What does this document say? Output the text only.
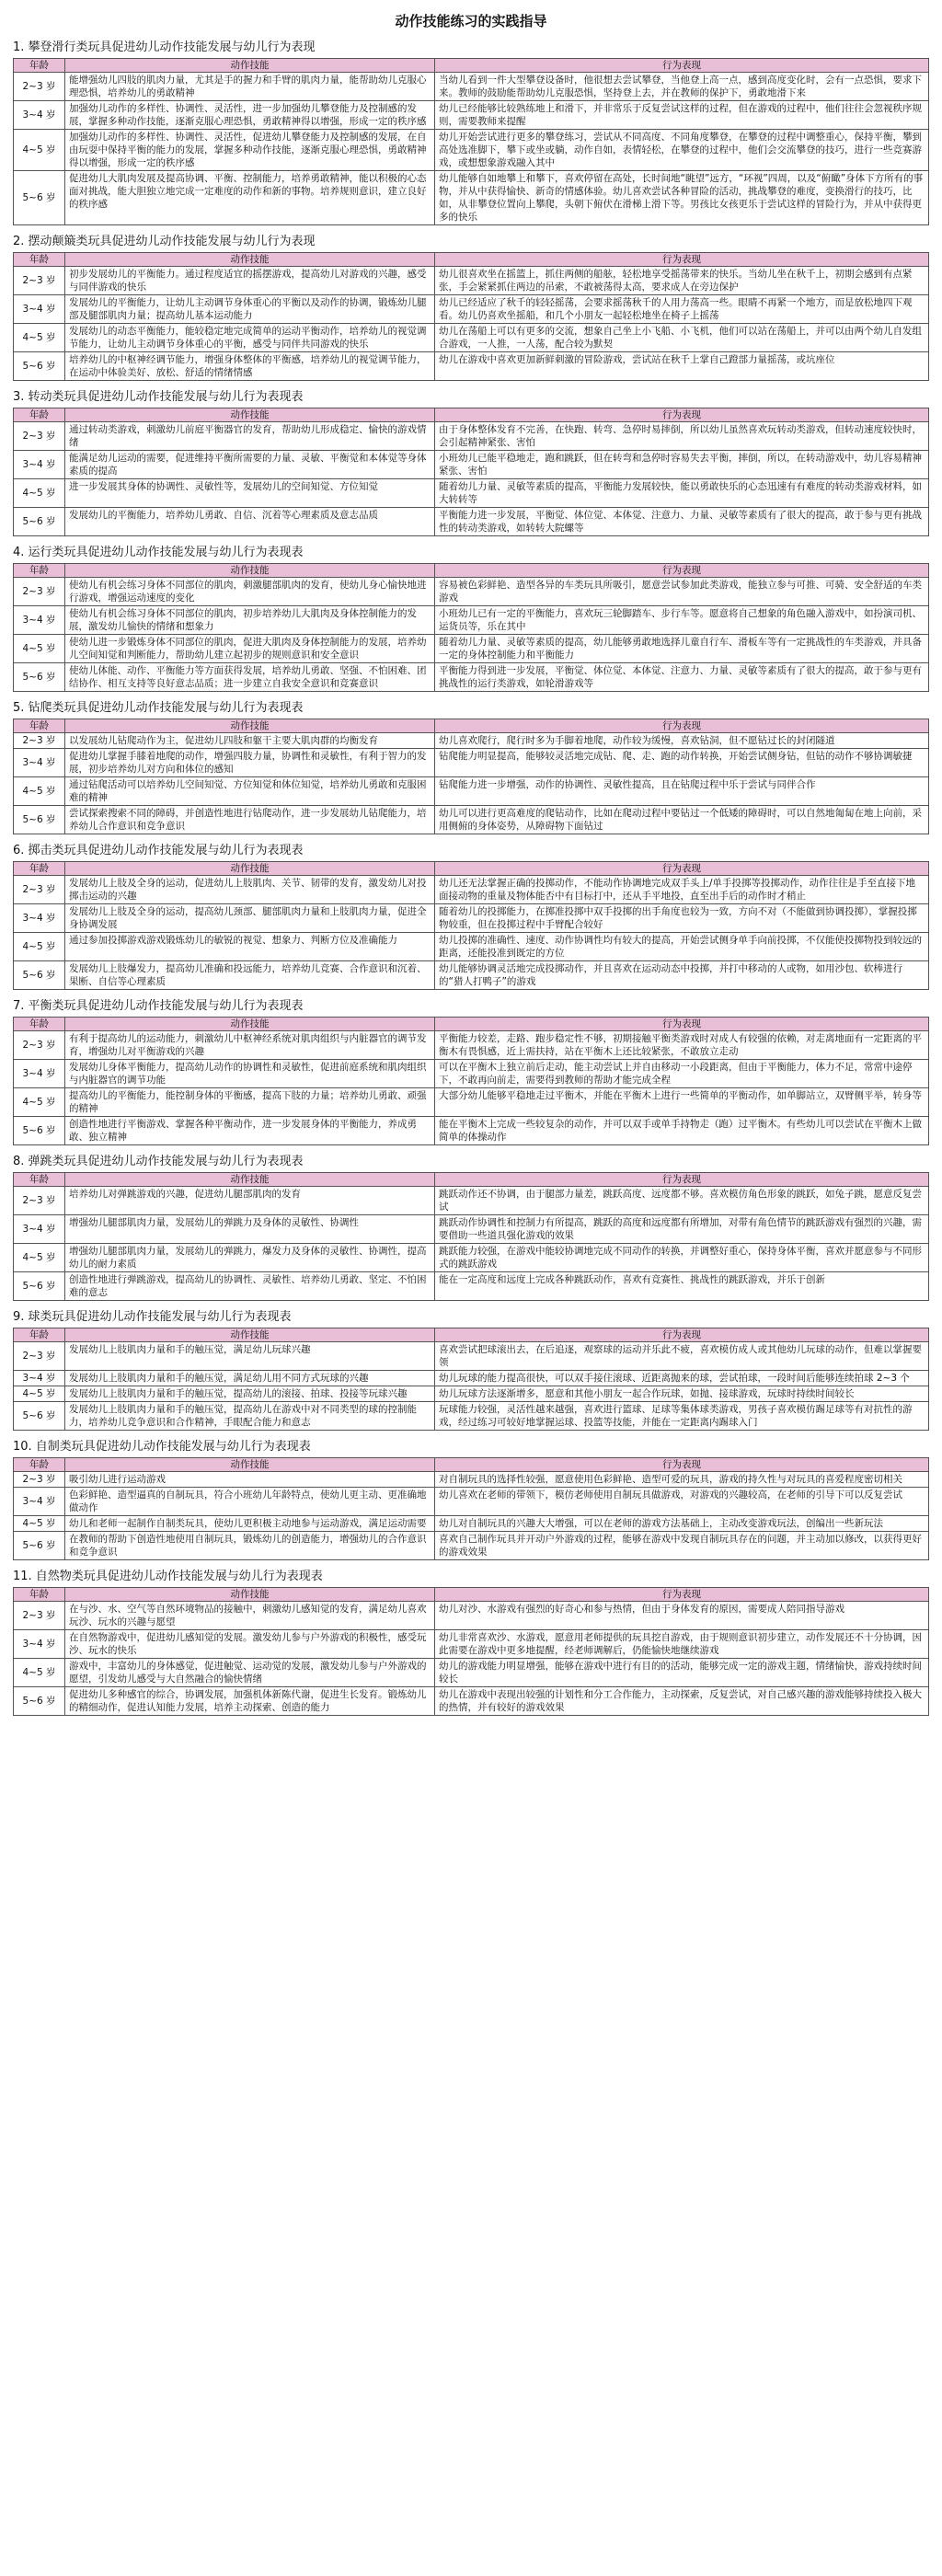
动作技能练习的实践指导
1. 攀登滑行类玩具促进幼儿动作技能发展与幼儿行为表现
年龄	动作技能	行为表现
2~3 岁	能增强幼儿四肢的肌肉力量，尤其是手的握力和手臂的肌肉力量，能帮助幼儿克服心理恐惧，培养幼儿的勇敢精神	当幼儿看到一件大型攀登设备时，他很想去尝试攀登，当他登上高一点，感到高度变化时，会有一点恐惧，要求下来。教师的鼓励能帮助幼儿克服恐惧，坚持登上去，并在教师的保护下，勇敢地滑下来
3~4 岁	加强幼儿动作的多样性、协调性、灵活性，进一步加强幼儿攀登能力及控制感的发展，掌握多种动作技能，逐渐克服心理恐惧，勇敢精神得以增强，形成一定的秩序感	幼儿已经能够比较熟练地上和滑下，并非常乐于反复尝试这样的过程，但在游戏的过程中，他们往往会忽视秩序规则，需要教师来提醒
4~5 岁	加强幼儿动作的多样性、协调性、灵活性，促进幼儿攀登能力及控制感的发展，在自由玩耍中保持平衡的能力的发展，掌握多种动作技能，逐渐克服心理恐惧，勇敢精神得以增强，形成一定的秩序感	幼儿开始尝试进行更多的攀登练习，尝试从不同高度、不同角度攀登，在攀登的过程中调整重心，保持平衡，攀到高处选准脚下，攀下或坐或躺，动作自如，表情轻松，在攀登的过程中，他们会交流攀登的技巧，进行一些竞赛游戏，或想想象游戏融入其中
5~6 岁	促进幼儿大肌肉发展及提高协调、平衡、控制能力，培养勇敢精神，能以积极的心态面对挑战，能大胆独立地完成一定难度的动作和新的事物。培养规则意识，建立良好的秩序感	幼儿能够自如地攀上和攀下，喜欢停留在高处，长时间地“眺望”远方，“环视”四周，以及“俯瞰”身体下方所有的事物，并从中获得愉快、新奇的情感体验。幼儿喜欢尝试各种冒险的活动，挑战攀登的难度，变换滑行的技巧，比如，从非攀登位置向上攀爬，头朝下俯伏在滑梯上滑下等。男孩比女孩更乐于尝试这样的冒险行为，并从中获得更多的快乐
2. 摆动颠簸类玩具促进幼儿动作技能发展与幼儿行为表现
年龄	动作技能	行为表现
2~3 岁	初步发展幼儿的平衡能力。通过程度适宜的摇摆游戏，提高幼儿对游戏的兴趣，感受与同伴游戏的快乐	幼儿很喜欢坐在摇篮上，抓住两侧的船舷，轻松地享受摇荡带来的快乐。当幼儿坐在秋千上，初期会感到有点紧张，手会紧紧抓住两边的吊索，不敢被荡得太高，要求成人在旁边保护
3~4 岁	发展幼儿的平衡能力，让幼儿主动调节身体重心的平衡以及动作的协调，锻炼幼儿腿部及腿部肌肉力量；提高幼儿基本运动能力	幼儿已经适应了秋千的轻轻摇荡，会要求摇荡秋千的人用力荡高一些。眼睛不再紧一个地方，而是放松地四下观看。幼儿仍喜欢坐摇船，和几个小朋友一起轻松地坐在椅子上摇荡
4~5 岁	发展幼儿的动态平衡能力，能较稳定地完成简单的运动平衡动作，培养幼儿的视觉调节能力，让幼儿主动调节身体重心的平衡，感受与同伴共同游戏的快乐	幼儿在荡船上可以有更多的交流，想象自己坐上小飞船、小飞机，他们可以站在荡船上，并可以由两个幼儿自发组合游戏，一人推，一人荡，配合较为默契
5~6 岁	培养幼儿的中枢神经调节能力，增强身体整体的平衡感，培养幼儿的视觉调节能力，在运动中体验美好、放松、舒适的情绪情感	幼儿在游戏中喜欢更加新鲜刺激的冒险游戏，尝试站在秋千上掌自己蹬部力量摇荡，或坑座位
3. 转动类玩具促进幼儿动作技能发展与幼儿行为表现表
年龄	动作技能	行为表现
2~3 岁	通过转动类游戏，刺激幼儿前庭平衡器官的发育，帮助幼儿形成稳定、愉快的游戏情绪	由于身体整体发育不完善，在快跑、转弯、急停时易摔倒，所以幼儿虽然喜欢玩转动类游戏，但转动速度较快时，会引起精神紧张、害怕
3~4 岁	能满足幼儿运动的需要，促进维持平衡所需要的力量、灵敏、平衡觉和本体觉等身体素质的提高	小班幼儿已能平稳地走，跑和跳跃，但在转弯和急停时容易失去平衡，摔倒，所以，在转动游戏中，幼儿容易精神紧张、害怕
4~5 岁	进一步发展其身体的协调性、灵敏性等，发展幼儿的空间知觉、方位知觉	随着幼儿力量、灵敏等素质的提高，平衡能力发展较快，能以勇敢快乐的心态迅速有有难度的转动类游戏材料，如大转转等
5~6 岁	发展幼儿的平衡能力，培养幼儿勇敢、自信、沉着等心理素质及意志品质	平衡能力进一步发展，平衡觉、体位觉、本体觉、注意力、力量、灵敏等素质有了很大的提高，敢于参与更有挑战性的转动类游戏，如转转大院螺等
4. 运行类玩具促进幼儿动作技能发展与幼儿行为表现表
年龄	动作技能	行为表现
2~3 岁	使幼儿有机会练习身体不同部位的肌肉，刺激腿部肌肉的发育，使幼儿身心愉快地进行游戏，增强运动速度的变化	容易被色彩鲜艳、造型各异的车类玩具所吸引，愿意尝试参加此类游戏，能独立参与可推、可骑、安全舒适的车类游戏
3~4 岁	使幼儿有机会练习身体不同部位的肌肉，初步培养幼儿大肌肉及身体控制能力的发展，激发幼儿愉快的情绪和想象力	小班幼儿已有一定的平衡能力，喜欢玩三轮脚踏车、步行车等。愿意将自己想象的角色融入游戏中，如扮演司机、运货员等，乐在其中
4~5 岁	使幼儿进一步锻炼身体不同部位的肌肉，促进大肌肉及身体控制能力的发展，培养幼儿空间知觉和判断能力，帮助幼儿建立起初步的规则意识和安全意识	随着幼儿力量、灵敏等素质的提高，幼儿能够勇敢地选择儿童自行车、滑板车等有一定挑战性的车类游戏，并具备一定的身体控制能力和平衡能力
5~6 岁	使幼儿体能、动作、平衡能力等方面获得发展，培养幼儿勇敢、坚强、不怕困难、团结协作、相互支持等良好意志品质；进一步建立自我安全意识和竞赛意识	平衡能力得到进一步发展，平衡觉、体位觉、本体觉、注意力、力量、灵敏等素质有了很大的提高，敢于参与更有挑战性的运行类游戏，如轮滑游戏等
5. 钻爬类玩具促进幼儿动作技能发展与幼儿行为表现表
年龄	动作技能	行为表现
2~3 岁	以发展幼儿钻爬动作为主，促进幼儿四肢和躯干主要大肌肉群的均衡发育	幼儿喜欢爬行，爬行时多为手脚着地爬，动作较为缓慢，喜欢钻洞，但不愿钻过长的封闭隧道
3~4 岁	促进幼儿掌握手膝着地爬的动作，增强四肢力量，协调性和灵敏性，有利于智力的发展，初步培养幼儿对方向和体位的感知	钻爬能力明显提高，能够较灵活地完成钻、爬、走、跑的动作转换，开始尝试侧身钻，但钻的动作不够协调敏捷
4~5 岁	通过钻爬活动可以培养幼儿空间知觉、方位知觉和体位知觉，培养幼儿勇敢和克服困难的精神	钻爬能力进一步增强，动作的协调性、灵敏性提高，且在钻爬过程中乐于尝试与同伴合作
5~6 岁	尝试探索搜索不同的障碍，并创造性地进行钻爬动作，进一步发展幼儿钻爬能力，培养幼儿合作意识和竞争意识	幼儿可以进行更高难度的爬钻动作，比如在爬动过程中要钻过一个低矮的障碍时，可以自然地匍匐在地上向前，采用侧俯的身体姿势，从障碍物下面钻过
6. 掷击类玩具促进幼儿动作技能发展与幼儿行为表现表
年龄	动作技能	行为表现
2~3 岁	发展幼儿上肢及全身的运动，促进幼儿上肢肌肉、关节、韧带的发育，激发幼儿对投掷击运动的兴趣	幼儿还无法掌握正确的投掷动作，不能动作协调地完成双手头上/单手投掷等投掷动作，动作往往是手至直接下地面接动物的重量及物体能否中有目标打中，还从手平地投，直至出手后的动作时才稍止
3~4 岁	发展幼儿上肢及全身的运动，提高幼儿颈部、腿部肌肉力量和上肢肌肉力量，促进全身协调发展	随着幼儿的投掷能力，在掷准投掷中双手投掷的出手角度也较为一致，方向不对（不能做到协调投掷），掌握投掷物较重，但在投掷过程中手臂配合较好
4~5 岁	通过参加投掷游戏游戏锻炼幼儿的敏锐的视觉、想象力、判断方位及准确能力	幼儿投掷的准确性、速度、动作协调性均有较大的提高，开始尝试侧身单手向前投掷，不仅能使投掷物投到较远的距离，还能投准到既定的方位
5~6 岁	发展幼儿上肢爆发力，提高幼儿准确和投远能力，培养幼儿竞赛、合作意识和沉着、果断、自信等心理素质	幼儿能够协调灵活地完成投掷动作，并且喜欢在运动动态中投掷，并打中移动的人或物，如用沙包、软棒进行的“猎人打鸭子”的游戏
7. 平衡类玩具促进幼儿动作技能发展与幼儿行为表现表
年龄	动作技能	行为表现
2~3 岁	有利于提高幼儿的运动能力，刺激幼儿中枢神经系统对肌肉组织与内脏器官的调节发育，增强幼儿对平衡游戏的兴趣	平衡能力较差，走路、跑步稳定性不够，初期接触平衡类游戏时对成人有较强的依赖，对走离地面有一定距离的平衡木有畏惧感，近上需扶持，站在平衡木上还比较紧张，不敢放立走动
3~4 岁	发展幼儿身体平衡能力，提高幼儿动作的协调性和灵敏性，促进前庭系统和肌肉组织与内脏器官的调节功能	可以在平衡木上独立前后走动，能主动尝试上并自由移动一小段距离，但由于平衡能力，体力不足，常常中途停下，不敢再向前走，需要得到教师的帮助才能完成全程
4~5 岁	提高幼儿的平衡能力，能控制身体的平衡感，提高下肢的力量；培养幼儿勇敢、顽强的精神	大部分幼儿能够平稳地走过平衡木，并能在平衡木上进行一些简单的平衡动作，如单脚站立，双臂侧平举，转身等
5~6 岁	创造性地进行平衡游戏、掌握各种平衡动作，进一步发展身体的平衡能力，养成勇敢、独立精神	能在平衡木上完成一些较复杂的动作，并可以双手或单手持物走（跑）过平衡木。有些幼儿可以尝试在平衡木上做简单的体操动作
8. 弹跳类玩具促进幼儿动作技能发展与幼儿行为表现表
年龄	动作技能	行为表现
2~3 岁	培养幼儿对弹跳游戏的兴趣，促进幼儿腿部肌肉的发育	跳跃动作还不协调，由于腿部力量差，跳跃高度、远度都不够。喜欢模仿角色形象的跳跃，如兔子跳，愿意反复尝试
3~4 岁	增强幼儿腿部肌肉力量，发展幼儿的弹跳力及身体的灵敏性、协调性	跳跃动作协调性和控制力有所提高，跳跃的高度和远度都有所增加，对带有角色情节的跳跃游戏有强烈的兴趣，需要借助一些道具强化游戏的效果
4~5 岁	增强幼儿腿部肌肉力量，发展幼儿的弹跳力，爆发力及身体的灵敏性、协调性，提高幼儿的耐力素质	跳跃能力较强，在游戏中能较协调地完成不同动作的转换，并调整好重心，保持身体平衡，喜欢并愿意参与不同形式的跳跃游戏
5~6 岁	创造性地进行弹跳游戏，提高幼儿的协调性、灵敏性、培养幼儿勇敢、坚定、不怕困难的意志	能在一定高度和远度上完成各种跳跃动作，喜欢有竞赛性、挑战性的跳跃游戏，并乐于创新
9. 球类玩具促进幼儿动作技能发展与幼儿行为表现表
年龄	动作技能	行为表现
2~3 岁	发展幼儿上肢肌肉力量和手的触压觉，满足幼儿玩球兴趣	喜欢尝试把球滚出去，在后追逐，观察球的运动并乐此不疲，喜欢模仿成人或其他幼儿玩球的动作，但难以掌握要领
3~4 岁	发展幼儿上肢肌肉力量和手的触压觉，满足幼儿用不同方式玩球的兴趣	幼儿玩球的能力提高很快，可以双手接住滚球、近距离抛来的球，尝试拍球，一段时间后能够连续拍球 2~3 个
4~5 岁	发展幼儿上肢肌肉力量和手的触压觉，提高幼儿的滚接、拍球、投接等玩球兴趣	幼儿玩球方法逐渐增多，愿意和其他小朋友一起合作玩球，如抛、接球游戏，玩球时持续时间较长
5~6 岁	发展幼儿上肢肌肉力量和手的触压觉，提高幼儿在游戏中对不同类型的球的控制能力，培养幼儿竞争意识和合作精神，手眼配合能力和意志	玩球能力较强，灵活性越来越强，喜欢进行篮球、足球等集体球类游戏，男孩子喜欢模仿踢足球等有对抗性的游戏，经过练习可较好地掌握运球、投篮等技能，并能在一定距离内踢球入门
10. 自制类玩具促进幼儿动作技能发展与幼儿行为表现表
年龄	动作技能	行为表现
2~3 岁	吸引幼儿进行运动游戏	对自制玩具的选择性较强，愿意使用色彩鲜艳、造型可爱的玩具，游戏的持久性与对玩具的喜爱程度密切相关
3~4 岁	色彩鲜艳、造型逼真的自制玩具，符合小班幼儿年龄特点，使幼儿更主动、更准确地做动作	幼儿喜欢在老师的带领下，模仿老师使用自制玩具做游戏，对游戏的兴趣较高，在老师的引导下可以反复尝试
4~5 岁	幼儿和老师一起制作自制类玩具，使幼儿更积极主动地参与运动游戏，满足运动需要	幼儿对自制玩具的兴趣大大增强，可以在老师的游戏方法基础上，主动改变游戏玩法，创编出一些新玩法
5~6 岁	在教师的帮助下创造性地使用自制玩具，锻炼幼儿的创造能力，增强幼儿的合作意识和竞争意识	喜欢自己制作玩具并开动户外游戏的过程，能够在游戏中发现自制玩具存在的问题，并主动加以修改，以获得更好的游戏效果
11. 自然物类玩具促进幼儿动作技能发展与幼儿行为表现表
年龄	动作技能	行为表现
2~3 岁	在与沙、水、空气等自然环境物品的接触中，刺激幼儿感知觉的发育，满足幼儿喜欢玩沙、玩水的兴趣与愿望	幼儿对沙、水游戏有强烈的好奇心和参与热情，但由于身体发育的原因，需要成人陪同指导游戏
3~4 岁	在自然物游戏中，促进幼儿感知觉的发展。激发幼儿参与户外游戏的积极性，感受玩沙、玩水的快乐	幼儿非常喜欢沙、水游戏，愿意用老师提供的玩具挖自游戏，由于规则意识初步建立，动作发展还不十分协调，因此需要在游戏中更多地提醒，经老师调解后，仍能愉快地继续游戏
4~5 岁	游戏中，丰富幼儿的身体感觉，促进触觉、运动觉的发展，激发幼儿参与户外游戏的愿望，引发幼儿感受与大自然融合的愉快情绪	幼儿的游戏能力明显增强，能够在游戏中进行有目的的活动，能够完成一定的游戏主题，情绪愉快，游戏持续时间较长
5~6 岁	促进幼儿多种感官的综合，协调发展，加强机体新陈代谢，促进生长发育。锻炼幼儿的精细动作，促进认知能力发展，培养主动探索、创造的能力	幼儿在游戏中表现出较强的计划性和分工合作能力，主动探索，反复尝试，对自己感兴趣的游戏能够持续投入极大的热情，并有较好的游戏效果
